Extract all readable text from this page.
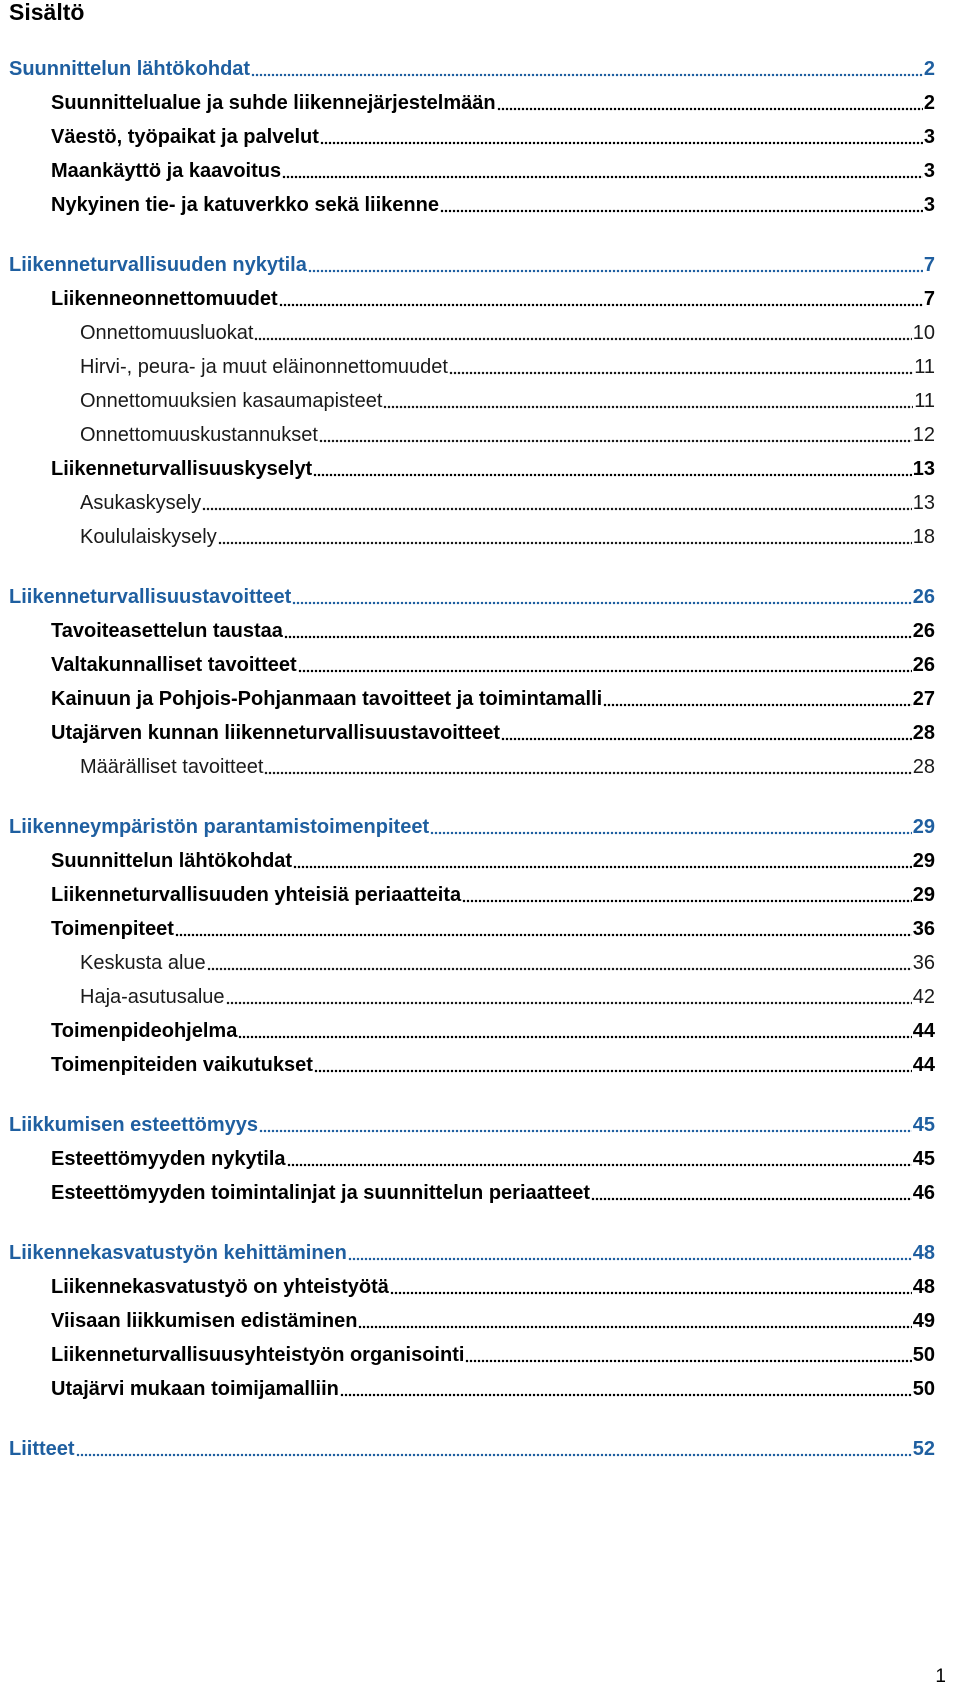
Sisältö
Suunnittelun lähtökohdat	2
Suunnittelualue ja suhde liikennejärjestelmään	2
Väestö, työpaikat ja palvelut	3
Maankäyttö ja kaavoitus	3
Nykyinen tie- ja katuverkko sekä liikenne	3
Liikenneturvallisuuden nykytila	7
Liikenneonnettomuudet	7
Onnettomuusluokat	10
Hirvi-, peura- ja muut eläinonnettomuudet	11
Onnettomuuksien kasaumapisteet	11
Onnettomuuskustannukset	12
Liikenneturvallisuuskyselyt	13
Asukaskysely	13
Koululaiskysely	18
Liikenneturvallisuustavoitteet	26
Tavoiteasettelun taustaa	26
Valtakunnalliset tavoitteet	26
Kainuun ja Pohjois-Pohjanmaan tavoitteet ja toimintamalli	27
Utajärven kunnan liikenneturvallisuustavoitteet	28
Määrälliset tavoitteet	28
Liikenneympäristön parantamistoimenpiteet	29
Suunnittelun lähtökohdat	29
Liikenneturvallisuuden yhteisiä periaatteita	29
Toimenpiteet	36
Keskusta alue	36
Haja-asutusalue	42
Toimenpideohjelma	44
Toimenpiteiden vaikutukset	44
Liikkumisen esteettömyys	45
Esteettömyyden nykytila	45
Esteettömyyden toimintalinjat ja suunnittelun periaatteet	46
Liikennekasvatustyön kehittäminen	48
Liikennekasvatustyö on yhteistyötä	48
Viisaan liikkumisen edistäminen	49
Liikenneturvallisuusyhteistyön organisointi	50
Utajärvi mukaan toimijamalliin	50
Liitteet	52
1
